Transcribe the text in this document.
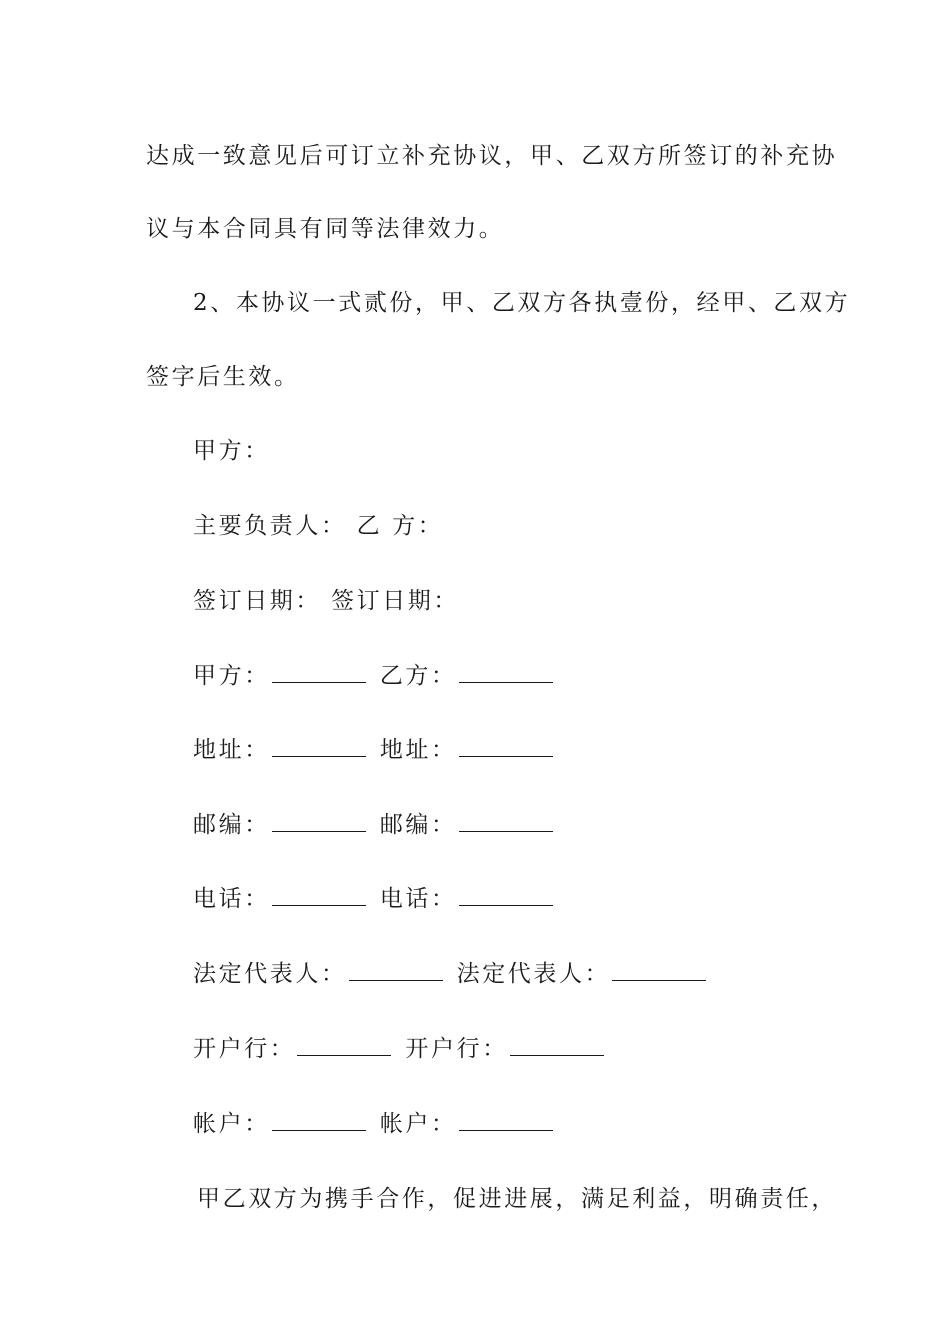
达成一致意见后可订立补充协议，甲、乙双方所签订的补充协
议与本合同具有同等法律效力。
2、本协议一式贰份，甲、乙双方各执壹份，经甲、乙双方
签字后生效。
甲方：
主要负责人： 乙 方：
签订日期： 签订日期：
甲方：	乙方：
地址：	地址：
邮编：	邮编：
电话：	电话：
法定代表人：	法定代表人：
开户行：	开户行：
帐户：	帐户：
甲乙双方为携手合作，促进进展，满足利益，明确责任，
